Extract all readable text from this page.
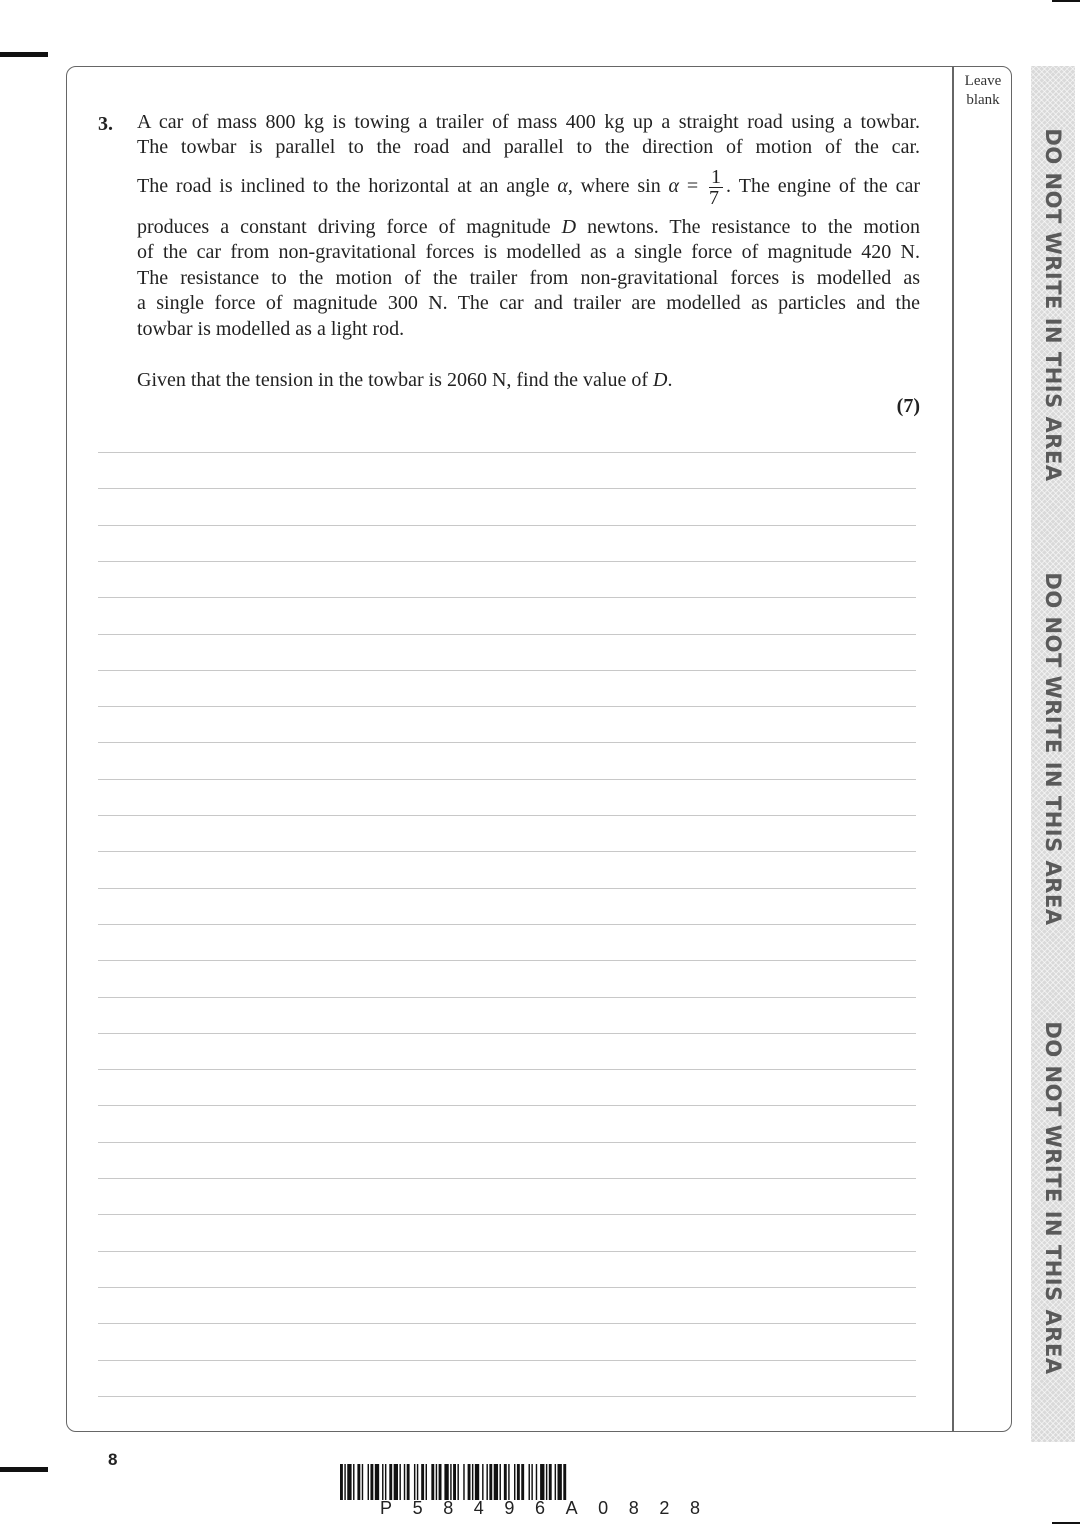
Leave
blank
DO NOT WRITE IN THIS AREA
DO NOT WRITE IN THIS AREA
DO NOT WRITE IN THIS AREA
3. A car of mass 800 kg is towing a trailer of mass 400 kg up a straight road using a towbar.

The towbar is parallel to the road and parallel to the direction of motion of the car.

The road is inclined to the horizontal at an angle α, where $\sin \alpha = \frac{1}{7}$ . The engine of the car

produces a constant driving force of magnitude D newtons. The resistance to the motion

of the car from non-gravitational forces is modelled as a single force of magnitude 420 N.

The resistance to the motion of the trailer from non-gravitational forces is modelled as

a single force of magnitude 300 N. The car and trailer are modelled as particles and the

towbar is modelled as a light rod.

Given that the tension in the towbar is 2060 N, find the value of D.

(7)
8
P 5 8 4 9 6 A 0 8 2 8
